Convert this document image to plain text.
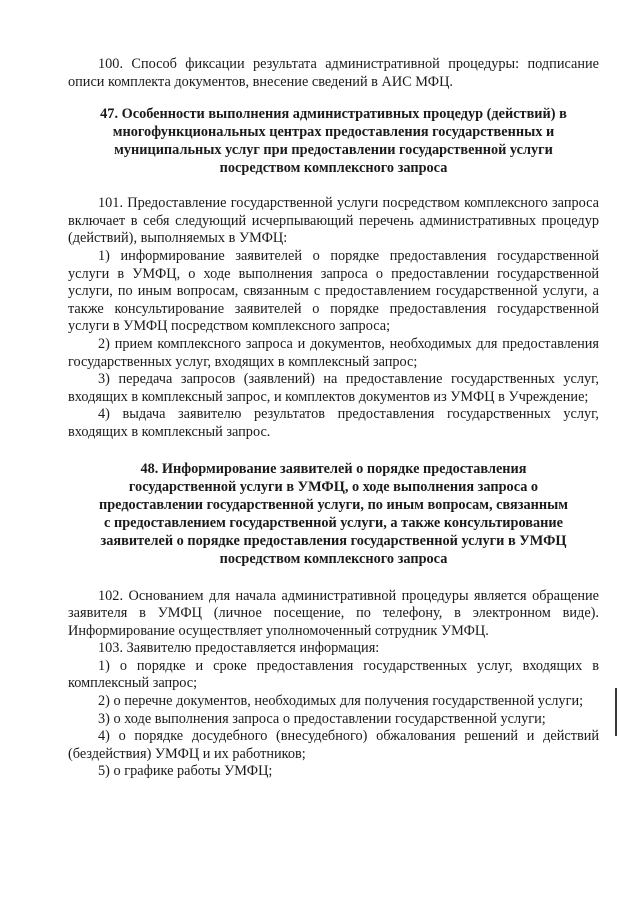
100. Способ фиксации результата административной процедуры: подписание описи комплекта документов, внесение сведений в АИС МФЦ.

47. Особенности выполнения административных процедур (действий) в многофункциональных центрах предоставления государственных и муниципальных услуг при предоставлении государственной услуги посредством комплексного запроса

101. Предоставление государственной услуги посредством комплексного запроса включает в себя следующий исчерпывающий перечень административных процедур (действий), выполняемых в УМФЦ:

1) информирование заявителей о порядке предоставления государственной услуги в УМФЦ, о ходе выполнения запроса о предоставлении государственной услуги, по иным вопросам, связанным с предоставлением государственной услуги, а также консультирование заявителей о порядке предоставления государственной услуги в УМФЦ посредством комплексного запроса;

2) прием комплексного запроса и документов, необходимых для предоставления государственных услуг, входящих в комплексный запрос;

3) передача запросов (заявлений) на предоставление государственных услуг, входящих в комплексный запрос, и комплектов документов из УМФЦ в Учреждение;

4) выдача заявителю результатов предоставления государственных услуг, входящих в комплексный запрос.

48. Информирование заявителей о порядке предоставления государственной услуги в УМФЦ, о ходе выполнения запроса о предоставлении государственной услуги, по иным вопросам, связанным с предоставлением государственной услуги, а также консультирование заявителей о порядке предоставления государственной услуги в УМФЦ посредством комплексного запроса

102. Основанием для начала административной процедуры является обращение заявителя в УМФЦ (личное посещение, по телефону, в электронном виде). Информирование осуществляет уполномоченный сотрудник УМФЦ.

103. Заявителю предоставляется информация:

1) о порядке и сроке предоставления государственных услуг, входящих в комплексный запрос;

2) о перечне документов, необходимых для получения государственной услуги;

3) о ходе выполнения запроса о предоставлении государственной услуги;

4) о порядке досудебного (внесудебного) обжалования решений и действий (бездействия) УМФЦ и их работников;

5) о графике работы УМФЦ;
